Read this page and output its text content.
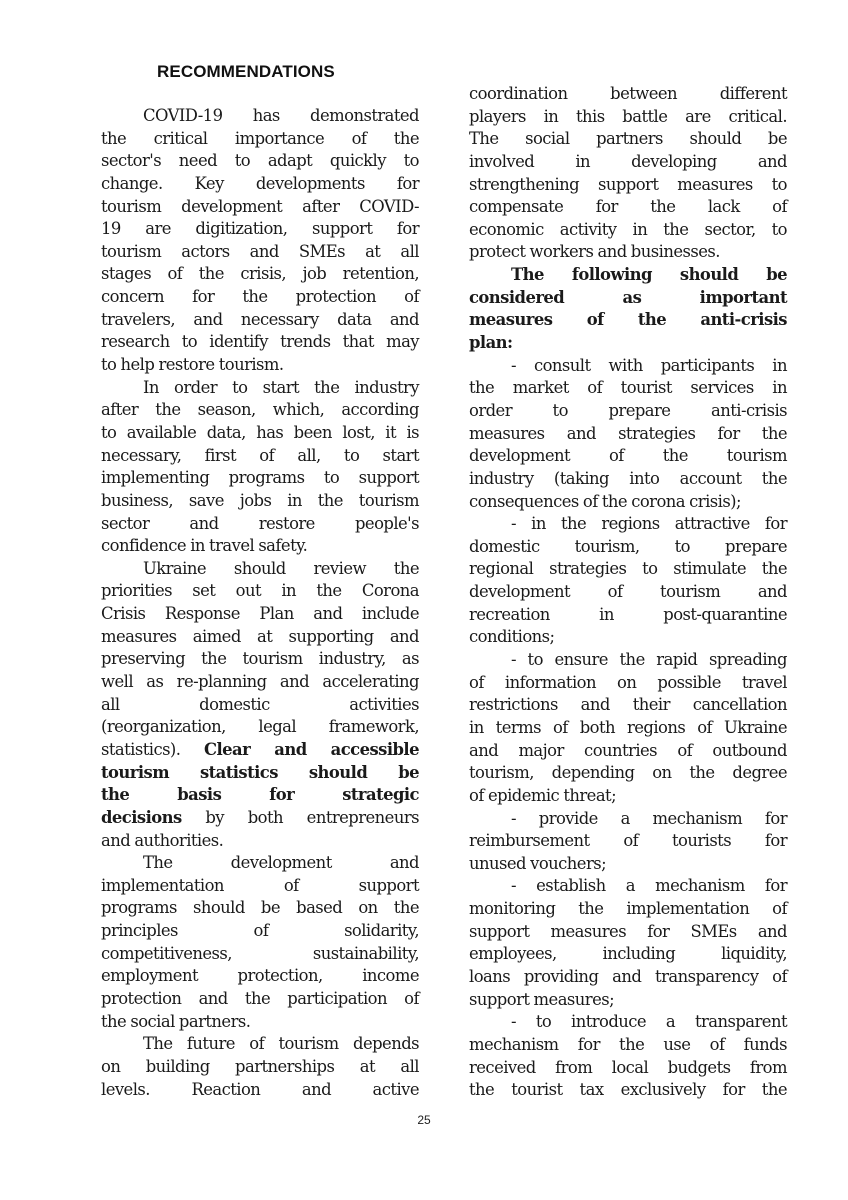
RECOMMENDATIONS
COVID-19 has demonstrated
the critical importance of the
sector's need to adapt quickly to
change. Key developments for
tourism development after COVID-
19 are digitization, support for
tourism actors and SMEs at all
stages of the crisis, job retention,
concern for the protection of
travelers, and necessary data and
research to identify trends that may
to help restore tourism.
In order to start the industry
after the season, which, according
to available data, has been lost, it is
necessary, first of all, to start
implementing programs to support
business, save jobs in the tourism
sector and restore people's
confidence in travel safety.
Ukraine should review the
priorities set out in the Corona
Crisis Response Plan and include
measures aimed at supporting and
preserving the tourism industry, as
well as re-planning and accelerating
all domestic activities
(reorganization, legal framework,
statistics). Clear and accessible
tourism statistics should be
the basis for strategic
decisions by both entrepreneurs
and authorities.
The development and
implementation of support
programs should be based on the
principles of solidarity,
competitiveness, sustainability,
employment protection, income
protection and the participation of
the social partners.
The future of tourism depends
on building partnerships at all
levels. Reaction and active
coordination between different
players in this battle are critical.
The social partners should be
involved in developing and
strengthening support measures to
compensate for the lack of
economic activity in the sector, to
protect workers and businesses.
The following should be
considered as important
measures of the anti-crisis
plan:
- consult with participants in
the market of tourist services in
order to prepare anti-crisis
measures and strategies for the
development of the tourism
industry (taking into account the
consequences of the corona crisis);
- in the regions attractive for
domestic tourism, to prepare
regional strategies to stimulate the
development of tourism and
recreation in post-quarantine
conditions;
- to ensure the rapid spreading
of information on possible travel
restrictions and their cancellation
in terms of both regions of Ukraine
and major countries of outbound
tourism, depending on the degree
of epidemic threat;
- provide a mechanism for
reimbursement of tourists for
unused vouchers;
- establish a mechanism for
monitoring the implementation of
support measures for SMEs and
employees, including liquidity,
loans providing and transparency of
support measures;
- to introduce a transparent
mechanism for the use of funds
received from local budgets from
the tourist tax exclusively for the
25
